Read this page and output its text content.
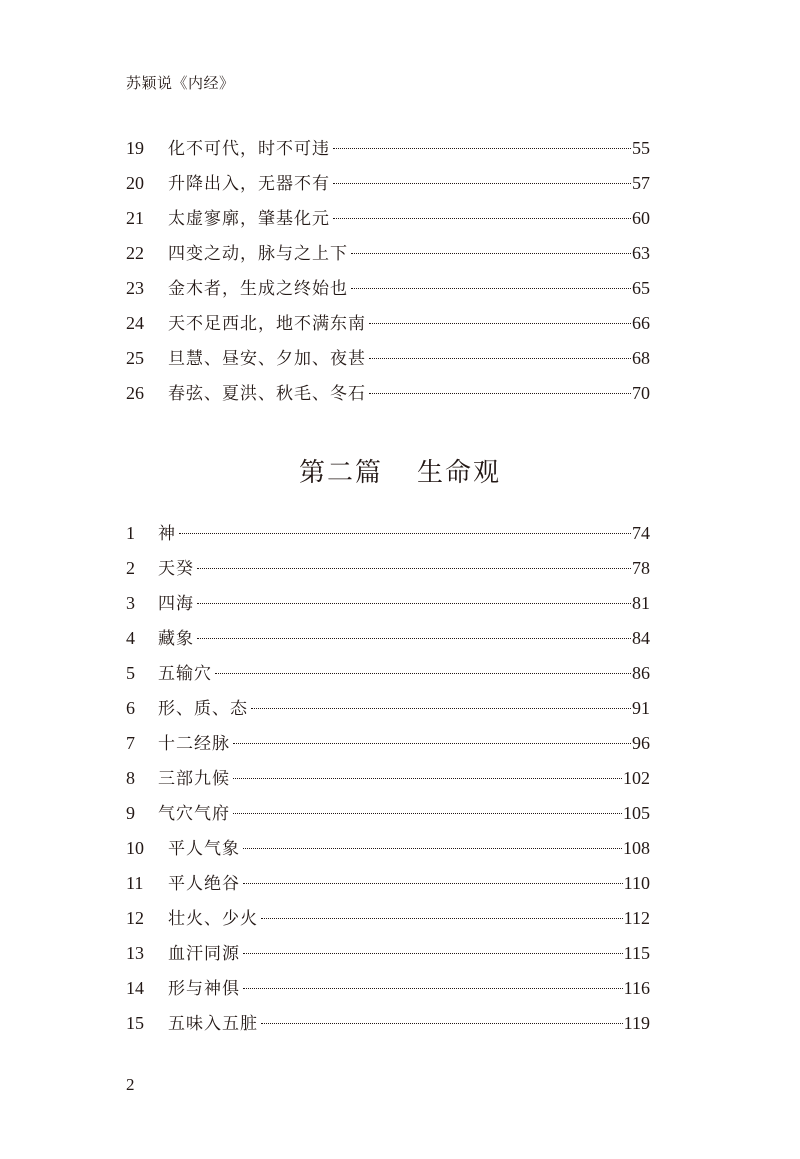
苏颖说《内经》
19	化不可代，时不可违	55
20	升降出入，无器不有	57
21	太虚寥廓，肇基化元	60
22	四变之动，脉与之上下	63
23	金木者，生成之终始也	65
24	天不足西北，地不满东南	66
25	旦慧、昼安、夕加、夜甚	68
26	春弦、夏洪、秋毛、冬石	70
第二篇 生命观
1	神	74
2	天癸	78
3	四海	81
4	藏象	84
5	五输穴	86
6	形、质、态	91
7	十二经脉	96
8	三部九候	102
9	气穴气府	105
10	平人气象	108
11	平人绝谷	110
12	壮火、少火	112
13	血汗同源	115
14	形与神俱	116
15	五味入五脏	119
2
